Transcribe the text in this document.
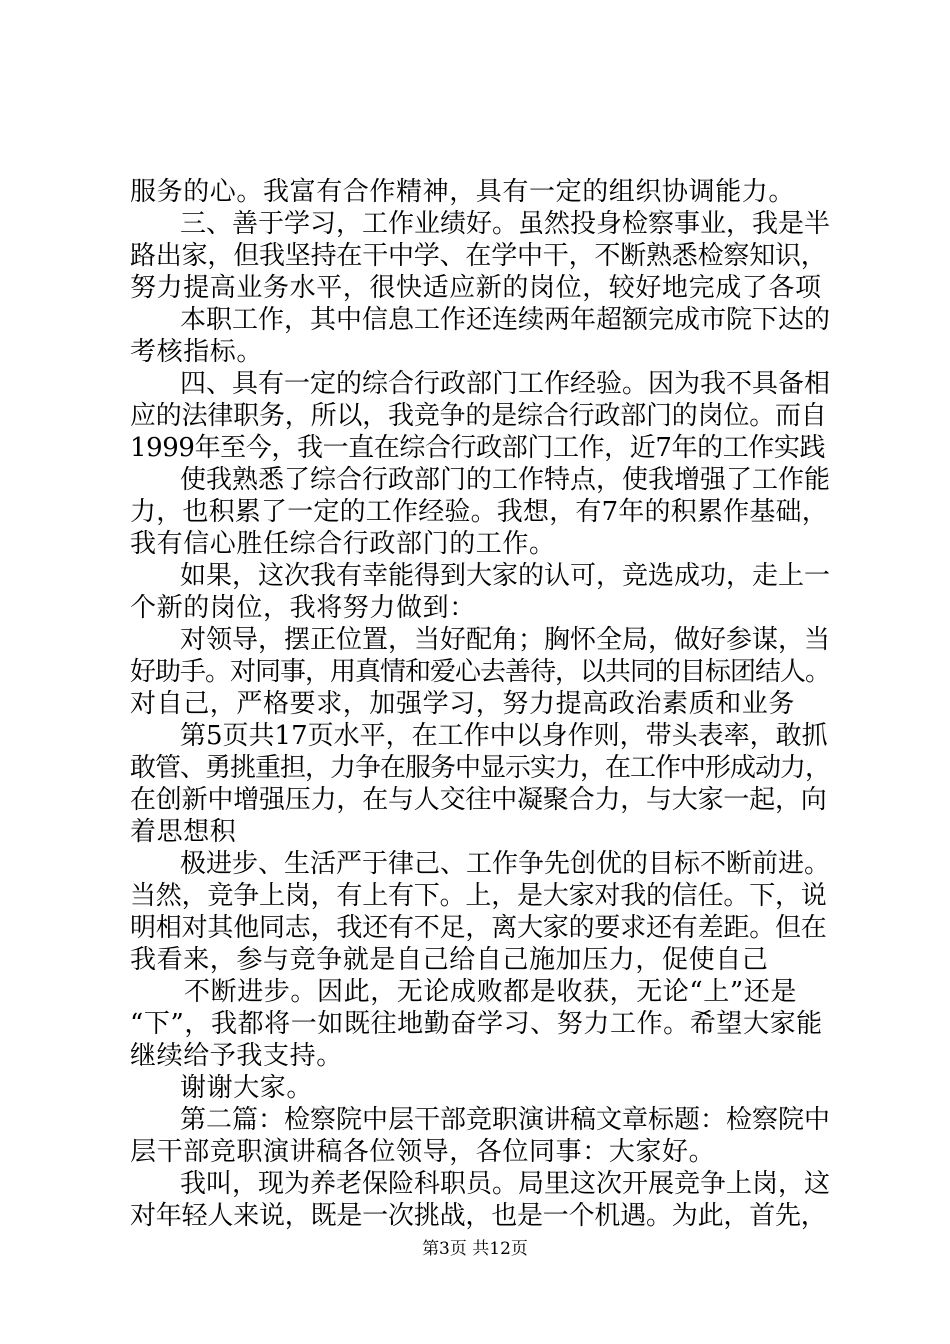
服务的心。我富有合作精神，具有一定的组织协调能力。
三、善于学习，工作业绩好。虽然投身检察事业，我是半
路出家，但我坚持在干中学、在学中干，不断熟悉检察知识，
努力提高业务水平，很快适应新的岗位，较好地完成了各项
本职工作，其中信息工作还连续两年超额完成市院下达的
考核指标。
四、具有一定的综合行政部门工作经验。因为我不具备相
应的法律职务，所以，我竞争的是综合行政部门的岗位。而自
1999年至今，我一直在综合行政部门工作，近7年的工作实践
使我熟悉了综合行政部门的工作特点，使我增强了工作能
力，也积累了一定的工作经验。我想，有7年的积累作基础，
我有信心胜任综合行政部门的工作。
如果，这次我有幸能得到大家的认可，竞选成功，走上一
个新的岗位，我将努力做到：
对领导，摆正位置，当好配角；胸怀全局，做好参谋，当
好助手。对同事，用真情和爱心去善待，以共同的目标团结人。
对自己，严格要求，加强学习，努力提高政治素质和业务
第5页共17页水平，在工作中以身作则，带头表率，敢抓
敢管、勇挑重担，力争在服务中显示实力，在工作中形成动力，
在创新中增强压力，在与人交往中凝聚合力，与大家一起，向
着思想积
极进步、生活严于律己、工作争先创优的目标不断前进。
当然，竞争上岗，有上有下。上，是大家对我的信任。下，说
明相对其他同志，我还有不足，离大家的要求还有差距。但在
我看来，参与竞争就是自己给自己施加压力，促使自己
不断进步。因此，无论成败都是收获，无论“上”还是
“下”，我都将一如既往地勤奋学习、努力工作。希望大家能
继续给予我支持。
谢谢大家。
第二篇：检察院中层干部竞职演讲稿文章标题：检察院中
层干部竞职演讲稿各位领导，各位同事：大家好。
我叫，现为养老保险科职员。局里这次开展竞争上岗，这
对年轻人来说，既是一次挑战，也是一个机遇。为此，首先，
第3页 共12页
